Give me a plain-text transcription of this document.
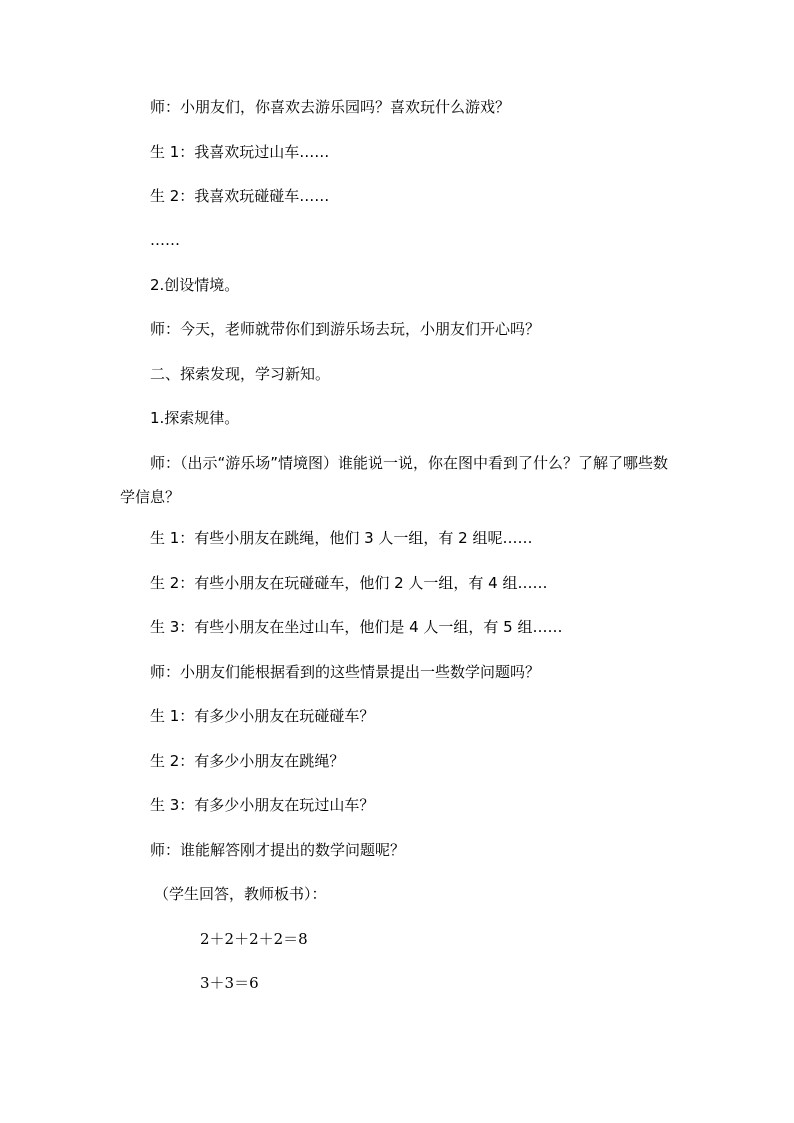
师：小朋友们，你喜欢去游乐园吗？喜欢玩什么游戏？
生 1：我喜欢玩过山车……
生 2：我喜欢玩碰碰车……
……
2.创设情境。
师：今天，老师就带你们到游乐场去玩，小朋友们开心吗？
二、探索发现，学习新知。
1.探索规律。
师：（出示“游乐场”情境图）谁能说一说，你在图中看到了什么？了解了哪些数学信息？
生 1：有些小朋友在跳绳，他们 3 人一组，有 2 组呢……
生 2：有些小朋友在玩碰碰车，他们 2 人一组，有 4 组……
生 3：有些小朋友在坐过山车，他们是 4 人一组，有 5 组……
师：小朋友们能根据看到的这些情景提出一些数学问题吗？
生 1：有多少小朋友在玩碰碰车？
生 2：有多少小朋友在跳绳？
生 3：有多少小朋友在玩过山车？
师：谁能解答刚才提出的数学问题呢？
（学生回答，教师板书）：
2＋2＋2＋2＝8
3＋3＝6
